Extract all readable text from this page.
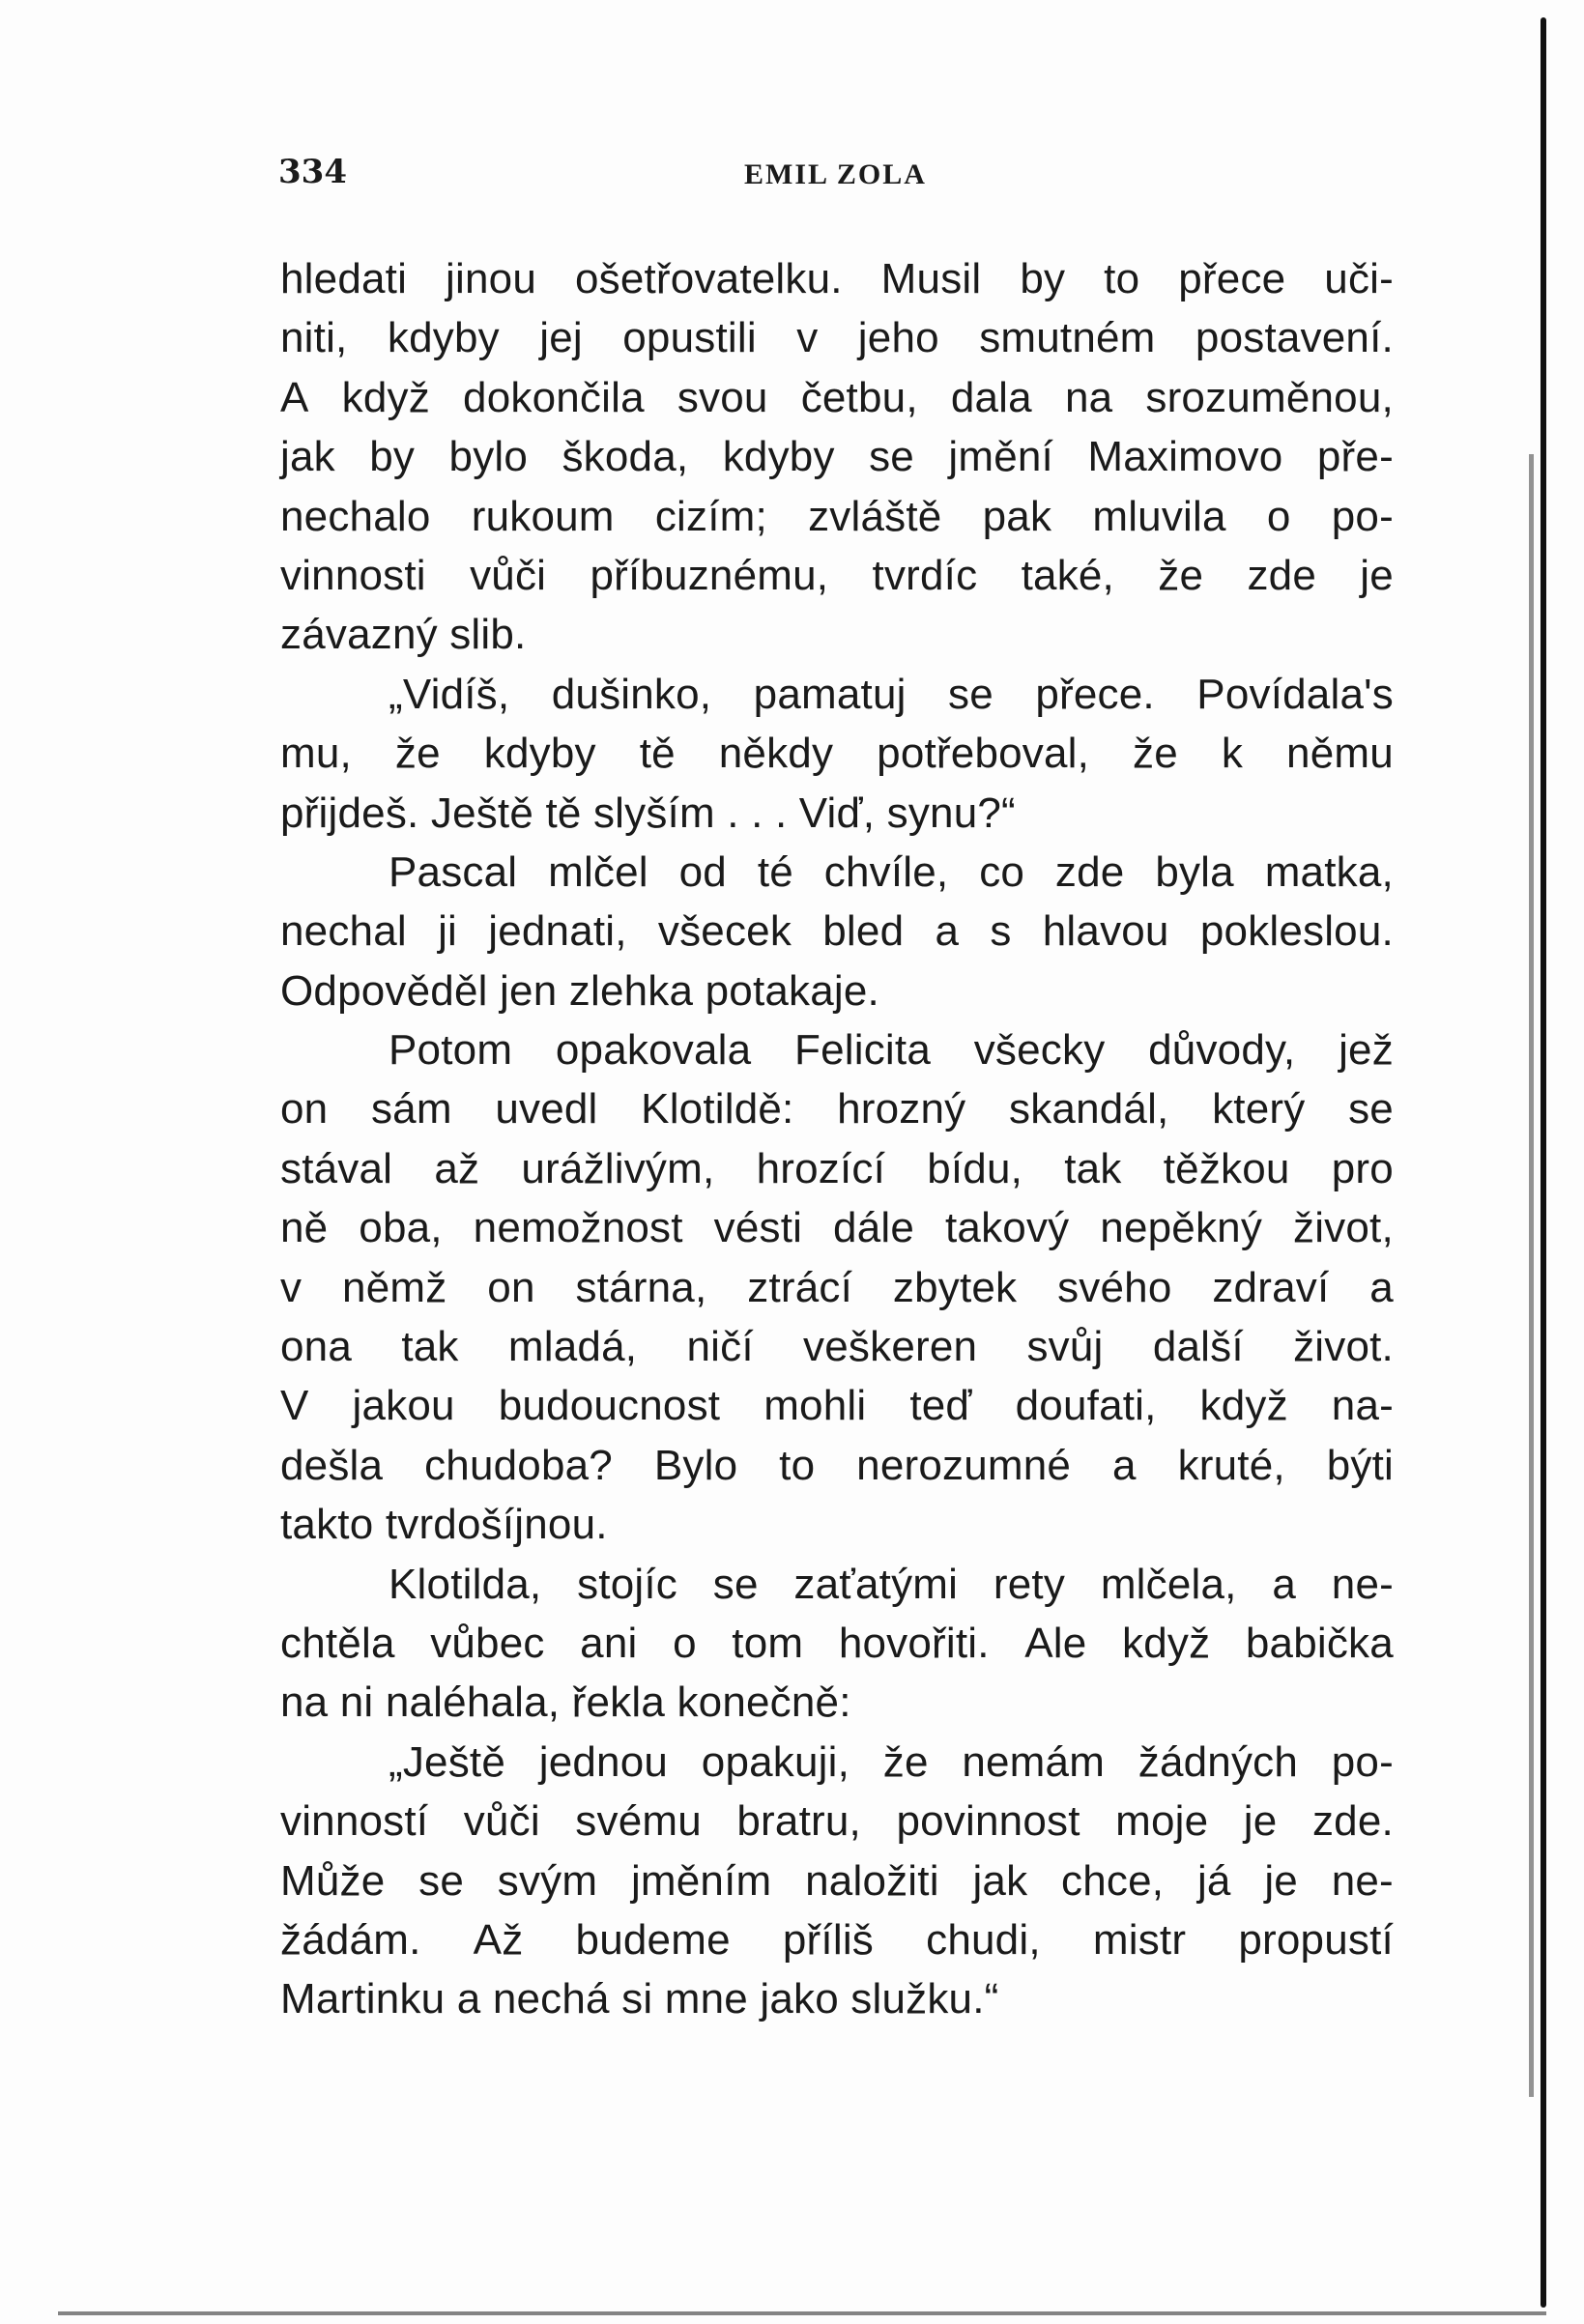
334	EMIL ZOLA
hledati jinou ošetřovatelku. Musil by to přece uči-
niti, kdyby jej opustili v jeho smutném postavení.
A když dokončila svou četbu, dala na srozuměnou,
jak by bylo škoda, kdyby se jmění Maximovo pře-
nechalo rukoum cizím; zvláště pak mluvila o po-
vinnosti vůči příbuznému, tvrdíc také, že zde je
závazný slib.
„Vidíš, dušinko, pamatuj se přece. Povídala's
mu, že kdyby tě někdy potřeboval, že k němu
přijdeš. Ještě tě slyším . . . Viď, synu?“
Pascal mlčel od té chvíle, co zde byla matka,
nechal ji jednati, všecek bled a s hlavou pokleslou.
Odpověděl jen zlehka potakaje.
Potom opakovala Felicita všecky důvody, jež
on sám uvedl Klotildě: hrozný skandál, který se
stával až urážlivým, hrozící bídu, tak těžkou pro
ně oba, nemožnost vésti dále takový nepěkný život,
v němž on stárna, ztrácí zbytek svého zdraví a
ona tak mladá, ničí veškeren svůj další život.
V jakou budoucnost mohli teď doufati, když na-
dešla chudoba? Bylo to nerozumné a kruté, býti
takto tvrdošíjnou.
Klotilda, stojíc se zaťatými rety mlčela, a ne-
chtěla vůbec ani o tom hovořiti. Ale když babička
na ni naléhala, řekla konečně:
„Ještě jednou opakuji, že nemám žádných po-
vinností vůči svému bratru, povinnost moje je zde.
Může se svým jměním naložiti jak chce, já je ne-
žádám. Až budeme příliš chudi, mistr propustí
Martinku a nechá si mne jako služku.“
